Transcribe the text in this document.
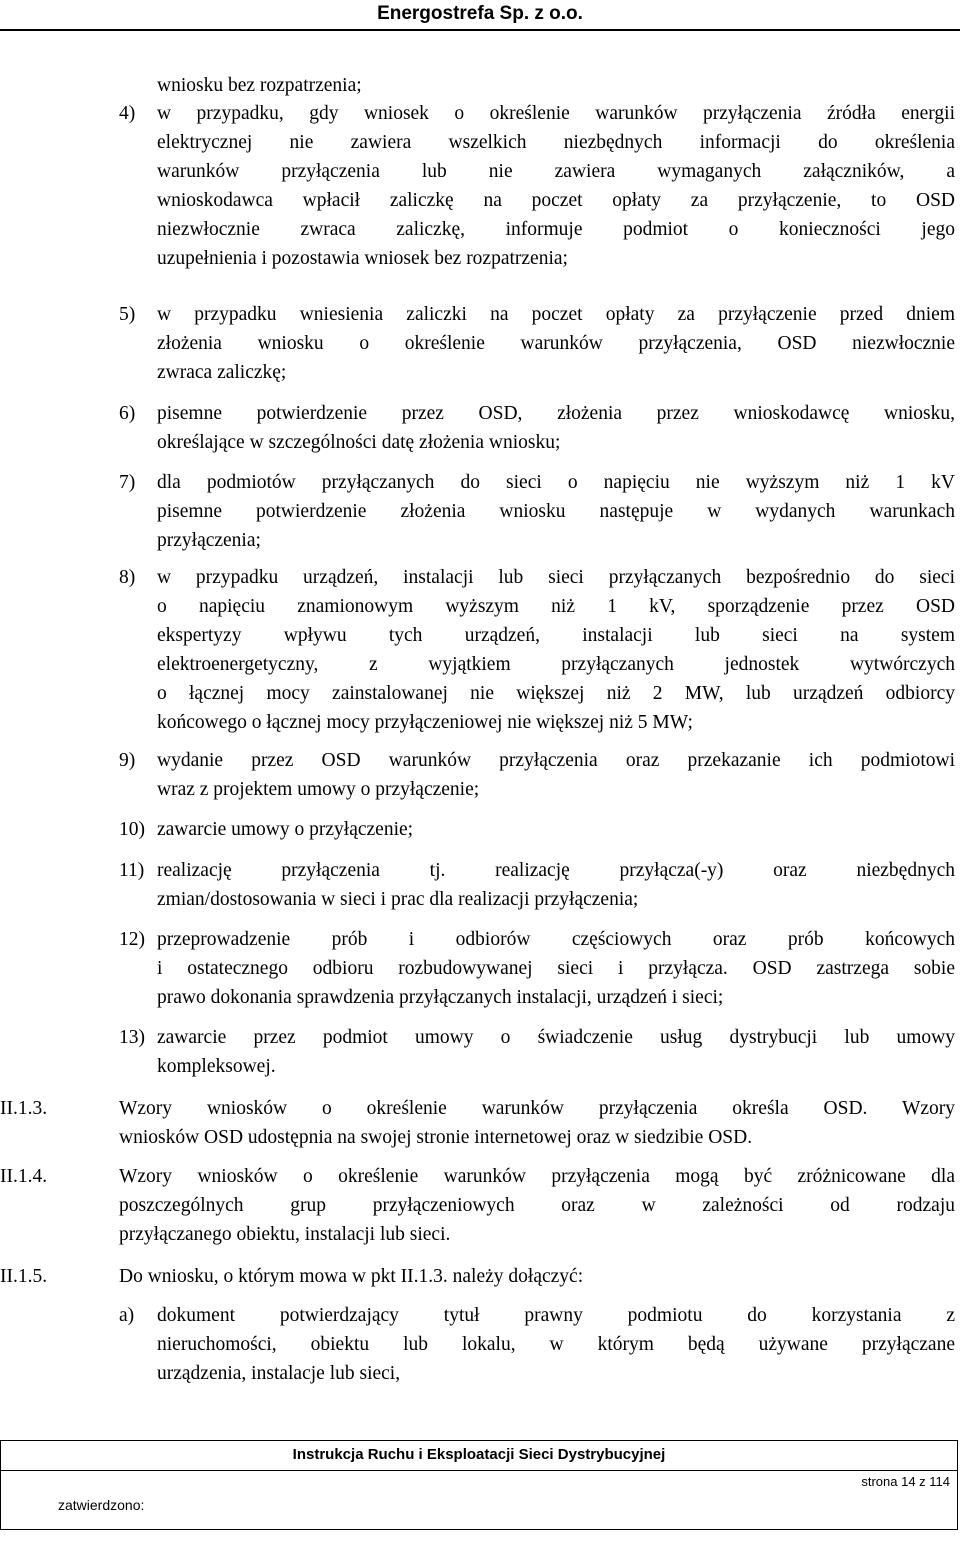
Energostrefa Sp. z o.o.
wniosku bez rozpatrzenia;
4) w przypadku, gdy wniosek o określenie warunków przyłączenia źródła energii
elektrycznej nie zawiera wszelkich niezbędnych informacji do określenia
warunków przyłączenia lub nie zawiera wymaganych załączników, a
wnioskodawca wpłacił zaliczkę na poczet opłaty za przyłączenie, to OSD
niezwłocznie zwraca zaliczkę, informuje podmiot o konieczności jego
uzupełnienia i pozostawia wniosek bez rozpatrzenia;
5) w przypadku wniesienia zaliczki na poczet opłaty za przyłączenie przed dniem
złożenia wniosku o określenie warunków przyłączenia, OSD niezwłocznie
zwraca zaliczkę;
6) pisemne potwierdzenie przez OSD, złożenia przez wnioskodawcę wniosku,
określające w szczególności datę złożenia wniosku;
7) dla podmiotów przyłączanych do sieci o napięciu nie wyższym niż 1 kV
pisemne potwierdzenie złożenia wniosku następuje w wydanych warunkach
przyłączenia;
8) w przypadku urządzeń, instalacji lub sieci przyłączanych bezpośrednio do sieci
o napięciu znamionowym wyższym niż 1 kV, sporządzenie przez OSD
ekspertyzy wpływu tych urządzeń, instalacji lub sieci na system
elektroenergetyczny, z wyjątkiem przyłączanych jednostek wytwórczych
o łącznej mocy zainstalowanej nie większej niż 2 MW, lub urządzeń odbiorcy
końcowego o łącznej mocy przyłączeniowej nie większej niż 5 MW;
9) wydanie przez OSD warunków przyłączenia oraz przekazanie ich podmiotowi
wraz z projektem umowy o przyłączenie;
10) zawarcie umowy o przyłączenie;
11) realizację przyłączenia tj. realizację przyłącza(-y) oraz niezbędnych
zmian/dostosowania w sieci i prac dla realizacji przyłączenia;
12) przeprowadzenie prób i odbiorów częściowych oraz prób końcowych
i ostatecznego odbioru rozbudowywanej sieci i przyłącza. OSD zastrzega sobie
prawo dokonania sprawdzenia przyłączanych instalacji, urządzeń i sieci;
13) zawarcie przez podmiot umowy o świadczenie usług dystrybucji lub umowy
kompleksowej.
II.1.3.	Wzory wniosków o określenie warunków przyłączenia określa OSD. Wzory
wniosków OSD udostępnia na swojej stronie internetowej oraz w siedzibie OSD.
II.1.4.	Wzory wniosków o określenie warunków przyłączenia mogą być zróżnicowane dla
poszczególnych grup przyłączeniowych oraz w zależności od rodzaju
przyłączanego obiektu, instalacji lub sieci.
II.1.5.	Do wniosku, o którym mowa w pkt II.1.3. należy dołączyć:
a) dokument potwierdzający tytuł prawny podmiotu do korzystania z
nieruchomości, obiektu lub lokalu, w którym będą używane przyłączane
urządzenia, instalacje lub sieci,
Instrukcja Ruchu i Eksploatacji Sieci Dystrybucyjnej
strona 14 z 114
zatwierdzono:
